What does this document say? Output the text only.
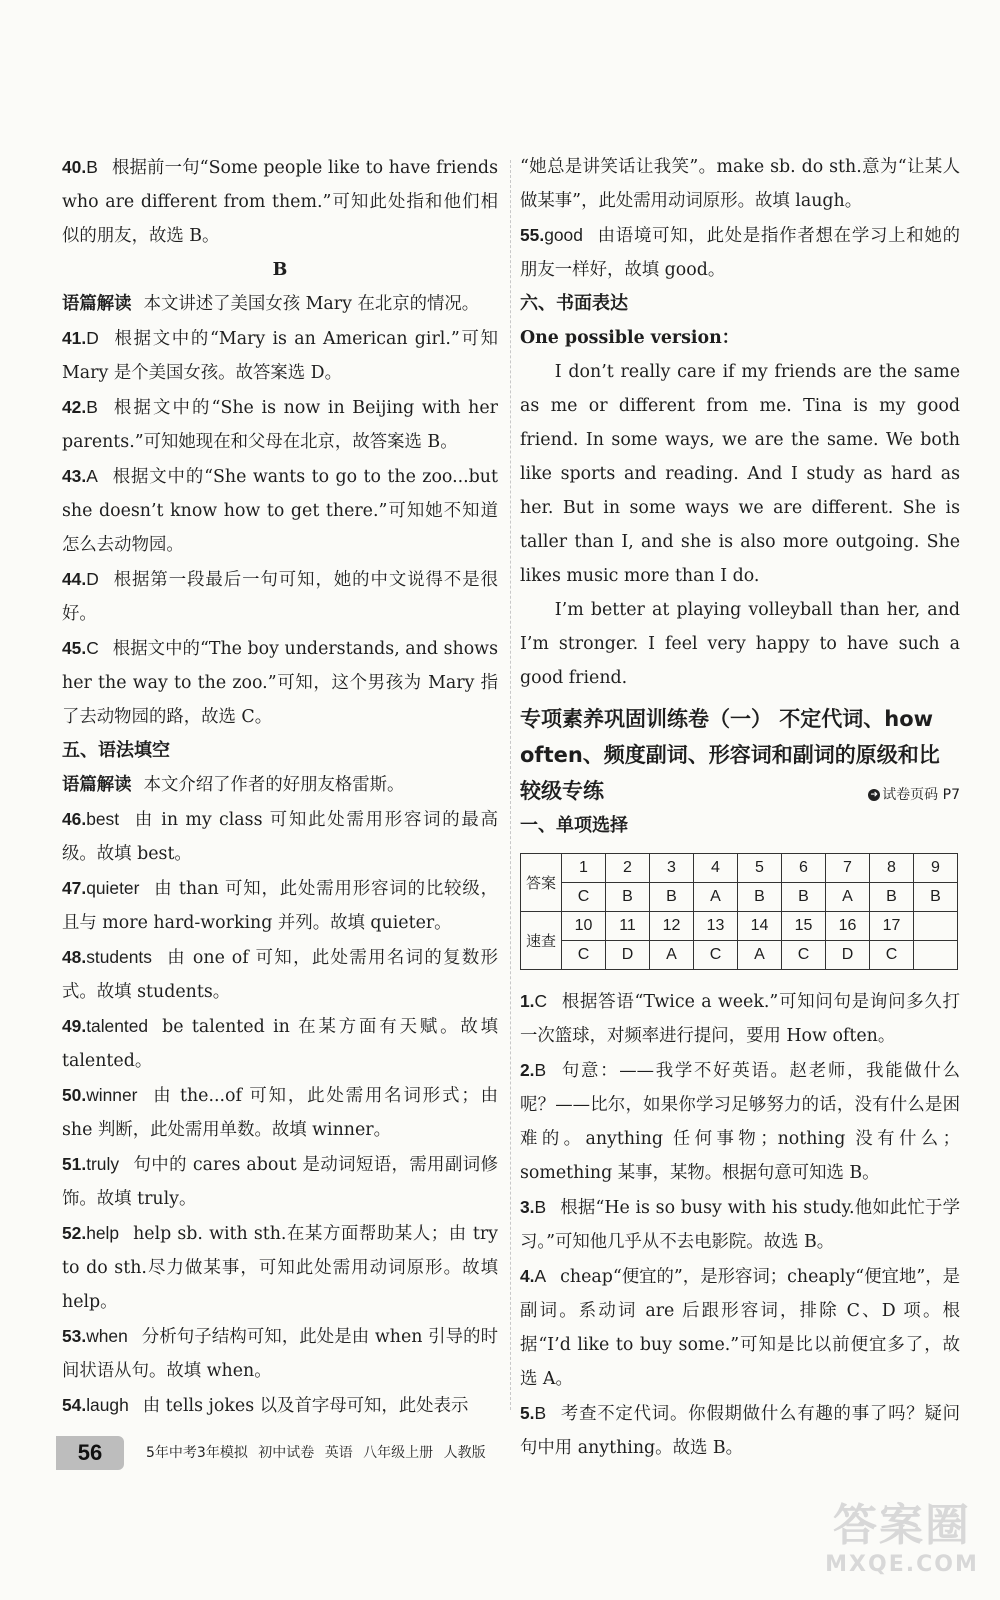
40.B 根据前一句“Some people like to have friends who are different from them.”可知此处指和他们相似的朋友，故选 B。

B

语篇解读 本文讲述了美国女孩 Mary 在北京的情况。

41.D 根据文中的“Mary is an American girl.”可知 Mary 是个美国女孩。故答案选 D。

42.B 根据文中的“She is now in Beijing with her parents.”可知她现在和父母在北京，故答案选 B。

43.A 根据文中的“She wants to go to the zoo...but she doesn’t know how to get there.”可知她不知道怎么去动物园。

44.D 根据第一段最后一句可知，她的中文说得不是很好。

45.C 根据文中的“The boy understands, and shows her the way to the zoo.”可知，这个男孩为 Mary 指了去动物园的路，故选 C。

五、语法填空

语篇解读 本文介绍了作者的好朋友格雷斯。

46.best 由 in my class 可知此处需用形容词的最高级。故填 best。

47.quieter 由 than 可知，此处需用形容词的比较级，且与 more hard-working 并列。故填 quieter。

48.students 由 one of 可知，此处需用名词的复数形式。故填 students。

49.talented be talented in 在某方面有天赋。故填 talented。

50.winner 由 the...of 可知，此处需用名词形式；由 she 判断，此处需用单数。故填 winner。

51.truly 句中的 cares about 是动词短语，需用副词修饰。故填 truly。

52.help help sb. with sth.在某方面帮助某人；由 try to do sth.尽力做某事，可知此处需用动词原形。故填 help。

53.when 分析句子结构可知，此处是由 when 引导的时间状语从句。故填 when。

54.laugh 由 tells jokes 以及首字母可知，此处表示

“她总是讲笑话让我笑”。make sb. do sth.意为“让某人做某事”，此处需用动词原形。故填 laugh。

55.good 由语境可知，此处是指作者想在学习上和她的朋友一样好，故填 good。

六、书面表达

One possible version：

I don’t really care if my friends are the same as me or different from me. Tina is my good friend. In some ways, we are the same. We both like sports and reading. And I study as hard as her. But in some ways we are different. She is taller than I, and she is also more outgoing. She likes music more than I do.

I’m better at playing volleyball than her, and I’m stronger. I feel very happy to have such a good friend.

专项素养巩固训练卷（一） 不定代词、how often、频度副词、形容词和副词的原级和比较级专练	➜ 试卷页码 P7

一、单项选择

答案	1	2	3	4	5	6	7	8	9
	C	B	B	A	B	B	A	B	B
速查	10	11	12	13	14	15	16	17	
	C	D	A	C	A	C	D	C	

1.C 根据答语“Twice a week.”可知问句是询问多久打一次篮球，对频率进行提问，要用 How often。

2.B 句意：——我学不好英语。赵老师，我能做什么呢？——比尔，如果你学习足够努力的话，没有什么是困难的。anything 任何事物；nothing 没有什么；something 某事，某物。根据句意可知选 B。

3.B 根据“He is so busy with his study.他如此忙于学习。”可知他几乎从不去电影院。故选 B。

4.A cheap“便宜的”，是形容词；cheaply“便宜地”，是副词。系动词 are 后跟形容词，排除 C、D 项。根据“I’d like to buy some.”可知是比以前便宜多了，故选 A。

5.B 考查不定代词。你假期做什么有趣的事了吗？疑问句中用 anything。故选 B。

56	5年中考3年模拟 初中试卷 英语 八年级上册 人教版
答案圈
MXQE.COM
